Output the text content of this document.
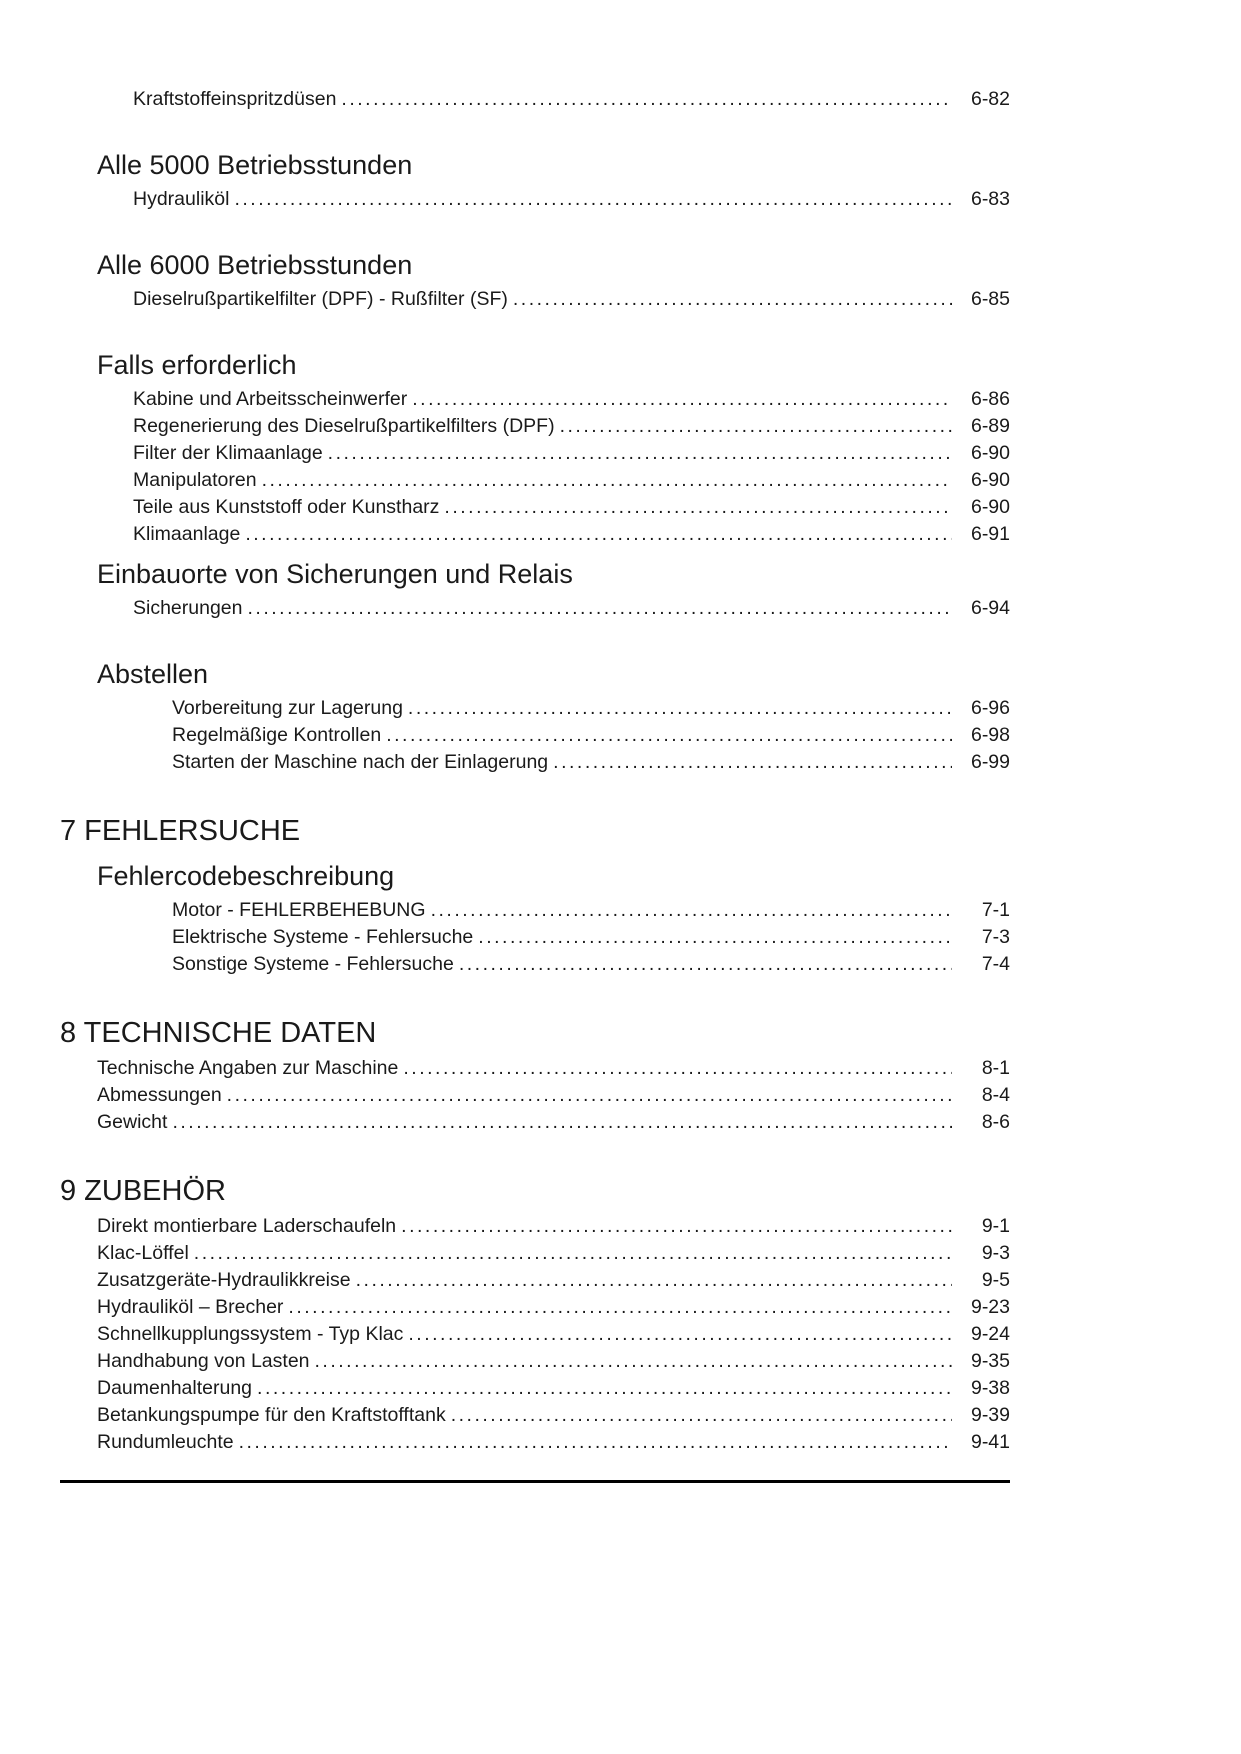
Kraftstoffeinspritzdüsen .....	6-82
Alle 5000 Betriebsstunden
Hydrauliköl .....	6-83
Alle 6000 Betriebsstunden
Dieselrußpartikelfilter (DPF) - Rußfilter (SF) .....	6-85
Falls erforderlich
Kabine und Arbeitsscheinwerfer .....	6-86
Regenerierung des Dieselrußpartikelfilters (DPF) .....	6-89
Filter der Klimaanlage .....	6-90
Manipulatoren .....	6-90
Teile aus Kunststoff oder Kunstharz .....	6-90
Klimaanlage .....	6-91
Einbauorte von Sicherungen und Relais
Sicherungen .....	6-94
Abstellen
Vorbereitung zur Lagerung .....	6-96
Regelmäßige Kontrollen .....	6-98
Starten der Maschine nach der Einlagerung .....	6-99
7 FEHLERSUCHE
Fehlercodebeschreibung
Motor - FEHLERBEHEBUNG .....	7-1
Elektrische Systeme - Fehlersuche .....	7-3
Sonstige Systeme - Fehlersuche .....	7-4
8 TECHNISCHE DATEN
Technische Angaben zur Maschine .....	8-1
Abmessungen .....	8-4
Gewicht .....	8-6
9 ZUBEHÖR
Direkt montierbare Laderschaufeln .....	9-1
Klac-Löffel .....	9-3
Zusatzgeräte-Hydraulikkreise .....	9-5
Hydrauliköl – Brecher .....	9-23
Schnellkupplungssystem - Typ Klac .....	9-24
Handhabung von Lasten .....	9-35
Daumenhalterung .....	9-38
Betankungspumpe für den Kraftstofftank .....	9-39
Rundumleuchte .....	9-41
